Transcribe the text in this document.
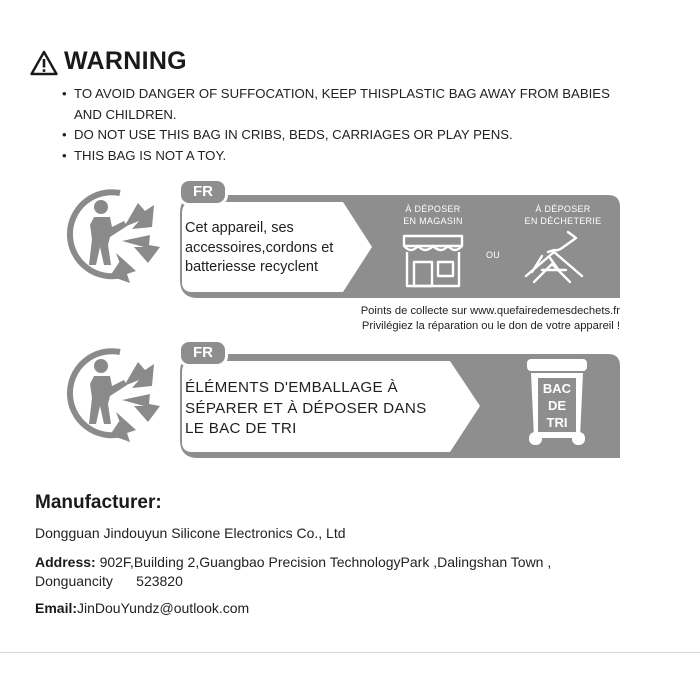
WARNING
• TO AVOID DANGER OF SUFFOCATION, KEEP THISPLASTIC BAG AWAY FROM BABIES
AND CHILDREN.
• DO NOT USE THIS BAG IN CRIBS, BEDS, CARRIAGES OR PLAY PENS.
• THIS BAG IS NOT A TOY.
FR
Cet appareil, ses
accessoires,cordons et
batteriesse recyclent
À DÉPOSER
EN MAGASIN
OU
À DÉPOSER
EN DÉCHETERIE
Points de collecte sur www.quefairedemesdechets.fr
Privilégiez la réparation ou le don de votre appareil !
FR
ÉLÉMENTS D'EMBALLAGE À
SÉPARER ET À DÉPOSER DANS
LE BAC DE TRI
BAC
DE
TRI
Manufacturer:
Dongguan Jindouyun Silicone Electronics Co., Ltd
Address: 902F,Building 2,Guangbao Precision TechnologyPark ,Dalingshan Town ,
Donguancity      523820
Email:JinDouYundz@outlook.com
